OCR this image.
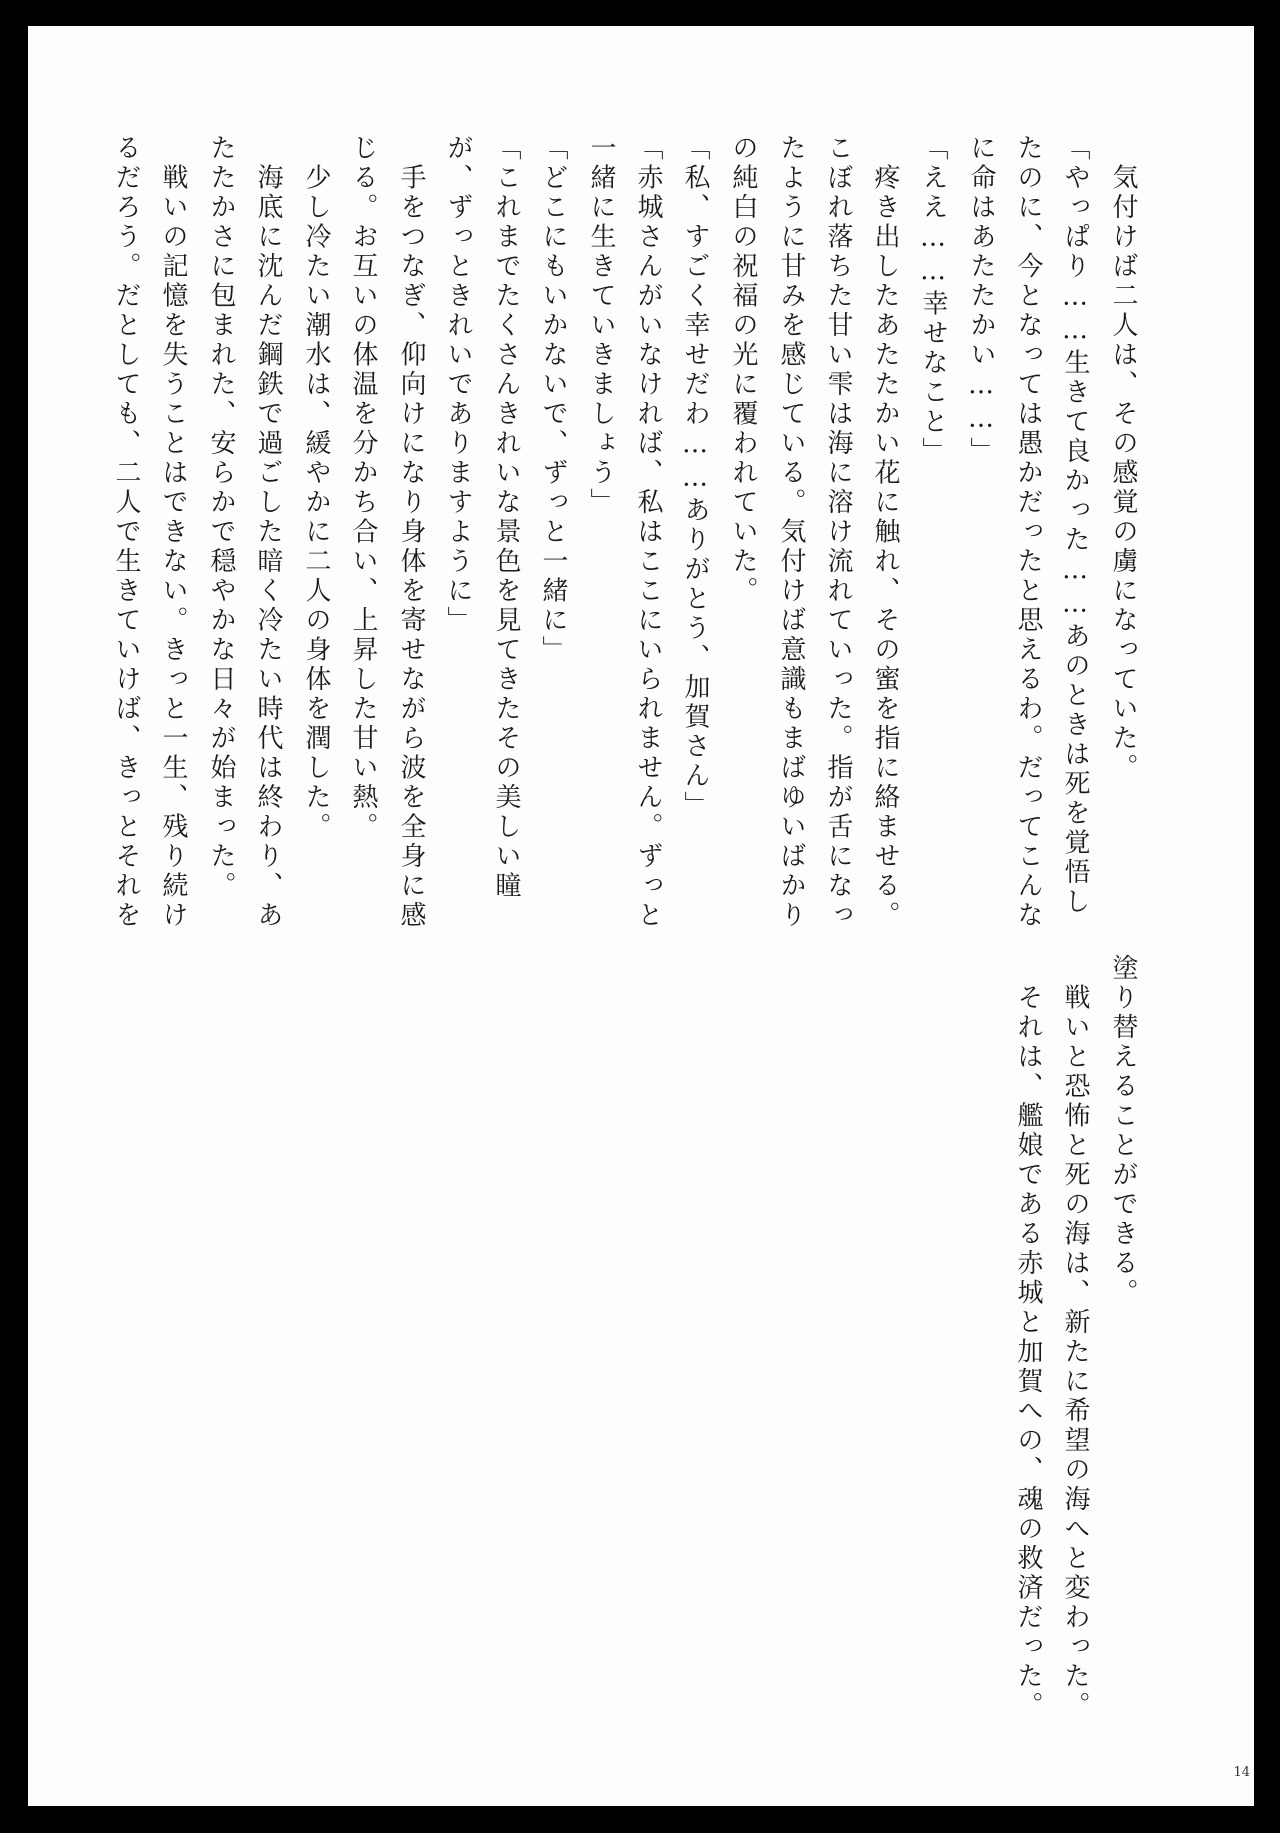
　気付けば二人は、その感覚の虜になっていた。
「やっぱり……生きて良かった……あのときは死を覚悟し
たのに、今となっては愚かだったと思えるわ。だってこんな
に命はあたたかい……」
「ええ……幸せなこと」
　疼き出したあたたかい花に触れ、その蜜を指に絡ませる。
こぼれ落ちた甘い雫は海に溶け流れていった。指が舌になっ
たように甘みを感じている。気付けば意識もまばゆいばかり
の純白の祝福の光に覆われていた。
「私、すごく幸せだわ……ありがとう、加賀さん」
「赤城さんがいなければ、私はここにいられません。ずっと
一緒に生きていきましょう」
「どこにもいかないで、ずっと一緒に」
「これまでたくさんきれいな景色を見てきたその美しい瞳
が、ずっときれいでありますように」
　手をつなぎ、仰向けになり身体を寄せながら波を全身に感
じる。お互いの体温を分かち合い、上昇した甘い熱。
　少し冷たい潮水は、緩やかに二人の身体を潤した。
　海底に沈んだ鋼鉄で過ごした暗く冷たい時代は終わり、あ
たたかさに包まれた、安らかで穏やかな日々が始まった。
　戦いの記憶を失うことはできない。きっと一生、残り続け
るだろう。だとしても、二人で生きていけば、きっとそれを
塗り替えることができる。
　戦いと恐怖と死の海は、新たに希望の海へと変わった。
　それは、艦娘である赤城と加賀への、魂の救済だった。
14
